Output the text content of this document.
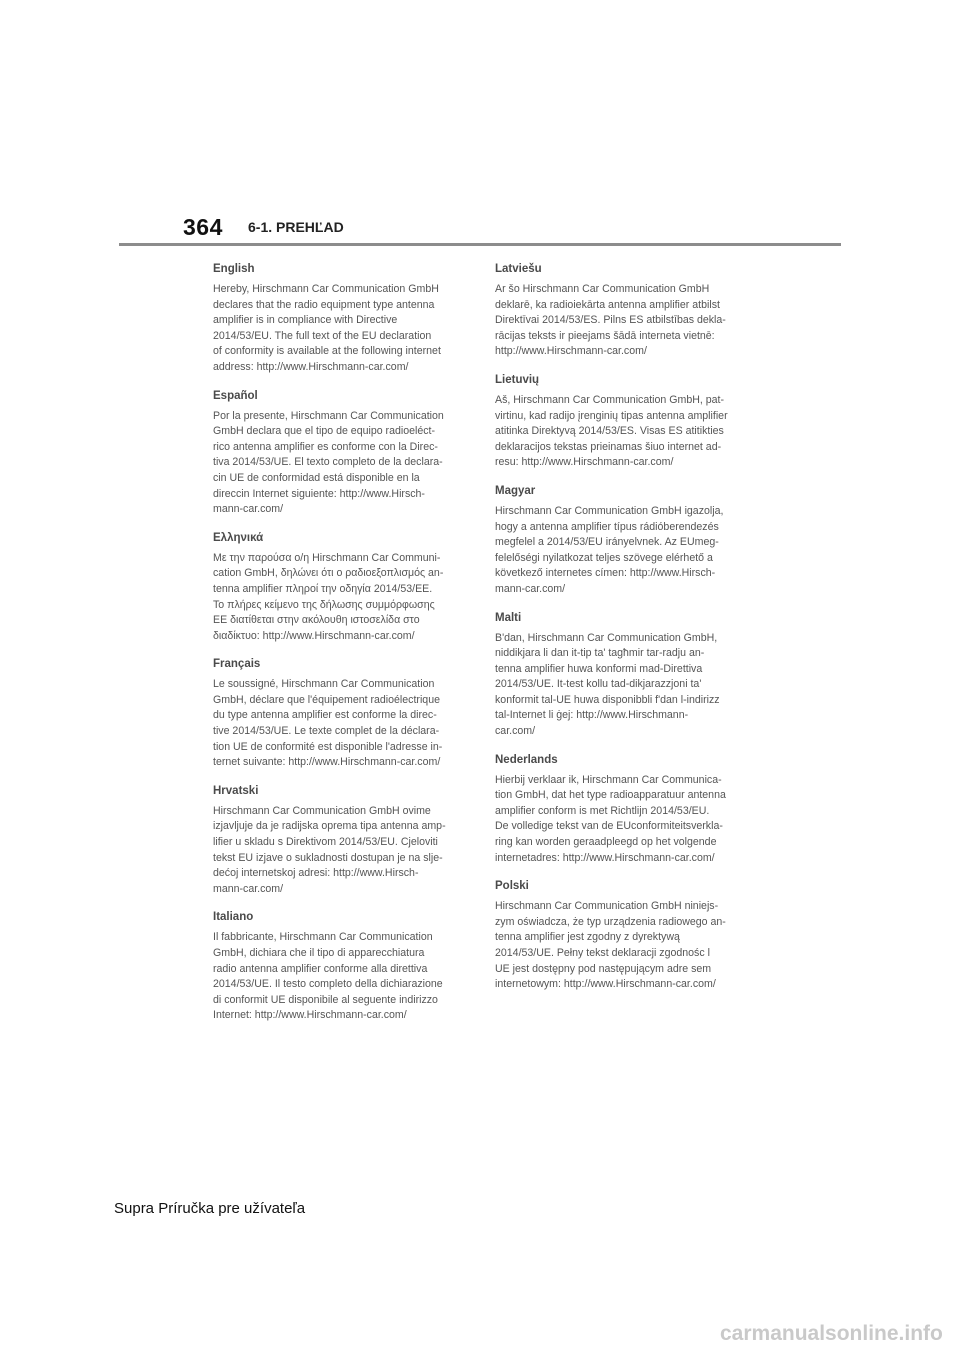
364 6-1. PREHĽAD

English

Hereby, Hirschmann Car Communication GmbH
declares that the radio equipment type antenna
amplifier is in compliance with Directive
2014/53/EU. The full text of the EU declaration
of conformity is available at the following internet
address: http://www.Hirschmann-car.com/

Español

Por la presente, Hirschmann Car Communication
GmbH declara que el tipo de equipo radioeléct-
rico antenna amplifier es conforme con la Direc-
tiva 2014/53/UE. El texto completo de la declara-
cin UE de conformidad está disponible en la
direccin Internet siguiente: http://www.Hirsch-
mann-car.com/

Ελληνικά

Με την παρούσα ο/η Hirschmann Car Communi-
cation GmbH, δηλώνει ότι ο ραδιοεξοπλισμός an-
tenna amplifier πληροί την οδηγία 2014/53/ΕΕ.
Το πλήρες κείμενο της δήλωσης συμμόρφωσης
ΕΕ διατίθεται στην ακόλουθη ιστοσελίδα στο
διαδίκτυο: http://www.Hirschmann-car.com/

Français

Le soussigné, Hirschmann Car Communication
GmbH, déclare que l'équipement radioélectrique
du type antenna amplifier est conforme la direc-
tive 2014/53/UE. Le texte complet de la déclara-
tion UE de conformité est disponible l'adresse in-
ternet suivante: http://www.Hirschmann-car.com/

Hrvatski

Hirschmann Car Communication GmbH ovime
izjavljuje da je radijska oprema tipa antenna amp-
lifier u skladu s Direktivom 2014/53/EU. Cjeloviti
tekst EU izjave o sukladnosti dostupan je na slje-
dećoj internetskoj adresi: http://www.Hirsch-
mann-car.com/

Italiano

Il fabbricante, Hirschmann Car Communication
GmbH, dichiara che il tipo di apparecchiatura
radio antenna amplifier conforme alla direttiva
2014/53/UE. Il testo completo della dichiarazione
di conformit UE disponibile al seguente indirizzo
Internet: http://www.Hirschmann-car.com/

Latviešu

Ar šo Hirschmann Car Communication GmbH
deklarē, ka radioiekārta antenna amplifier atbilst
Direktīvai 2014/53/ES. Pilns ES atbilstības dekla-
rācijas teksts ir pieejams šādā interneta vietnē:
http://www.Hirschmann-car.com/

Lietuvių

Aš, Hirschmann Car Communication GmbH, pat-
virtinu, kad radijo įrenginių tipas antenna amplifier
atitinka Direktyvą 2014/53/ES. Visas ES atitikties
deklaracijos tekstas prieinamas šiuo internet ad-
resu: http://www.Hirschmann-car.com/

Magyar

Hirschmann Car Communication GmbH igazolja,
hogy a antenna amplifier típus rádióberendezés
megfelel a 2014/53/EU irányelvnek. Az EUmeg-
felelőségi nyilatkozat teljes szövege elérhető a
következő internetes címen: http://www.Hirsch-
mann-car.com/

Malti

B'dan, Hirschmann Car Communication GmbH,
niddikjara li dan it-tip ta' tagħmir tar-radju an-
tenna amplifier huwa konformi mad-Direttiva
2014/53/UE. It-test kollu tad-dikjarazzjoni ta'
konformit tal-UE huwa disponibbli f'dan l-indirizz
tal-Internet li ġej: http://www.Hirschmann-
car.com/

Nederlands

Hierbij verklaar ik, Hirschmann Car Communica-
tion GmbH, dat het type radioapparatuur antenna
amplifier conform is met Richtlijn 2014/53/EU.
De volledige tekst van de EUconformiteitsverkla-
ring kan worden geraadpleegd op het volgende
internetadres: http://www.Hirschmann-car.com/

Polski

Hirschmann Car Communication GmbH niniejs-
zym oświadcza, że typ urządzenia radiowego an-
tenna amplifier jest zgodny z dyrektywą
2014/53/UE. Pełny tekst deklaracji zgodnośc l
UE jest dostępny pod następującym adre sem
internetowym: http://www.Hirschmann-car.com/

Supra Príručka pre užívateľa
carmanualsonline.info
